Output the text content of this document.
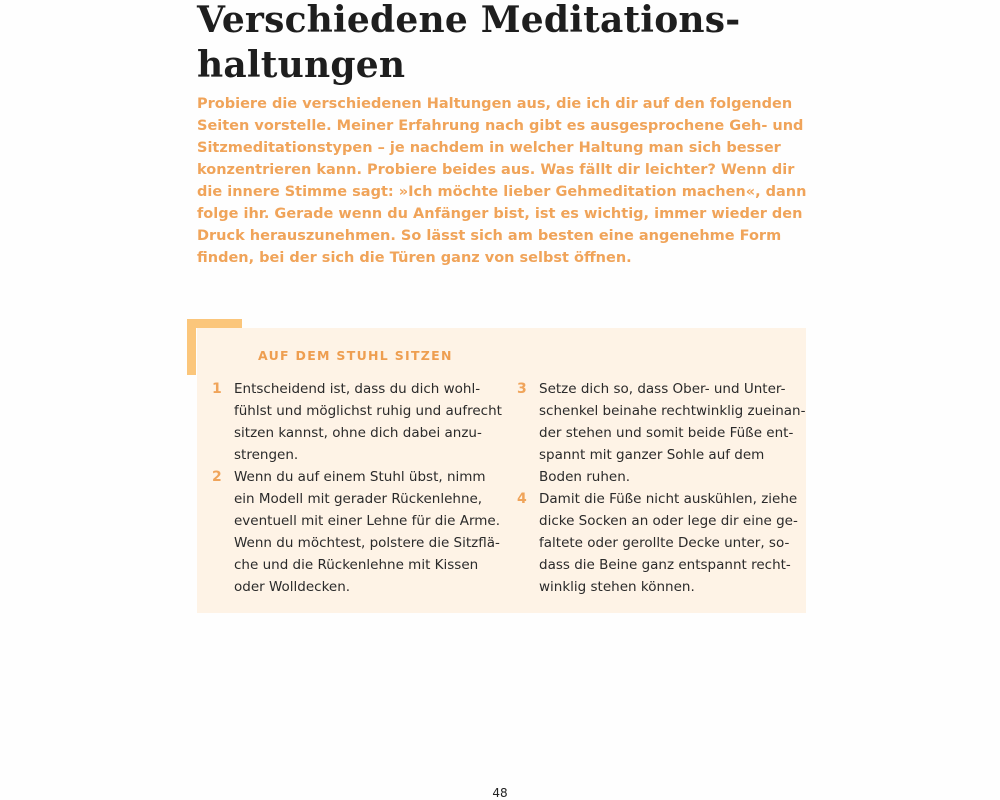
Verschiedene Meditations-
haltungen
Probiere die verschiedenen Haltungen aus, die ich dir auf den folgenden
Seiten vorstelle. Meiner Erfahrung nach gibt es ausgesprochene Geh- und
Sitzmeditationstypen – je nachdem in welcher Haltung man sich besser
konzentrieren kann. Probiere beides aus. Was fällt dir leichter? Wenn dir
die innere Stimme sagt: »Ich möchte lieber Gehmeditation machen«, dann
folge ihr. Gerade wenn du Anfänger bist, ist es wichtig, immer wieder den
Druck herauszunehmen. So lässt sich am besten eine angenehme Form
finden, bei der sich die Türen ganz von selbst öffnen.
AUF DEM STUHL SITZEN
1 Entscheidend ist, dass du dich wohl-
fühlst und möglichst ruhig und aufrecht
sitzen kannst, ohne dich dabei anzu-
strengen.
2 Wenn du auf einem Stuhl übst, nimm
ein Modell mit gerader Rückenlehne,
eventuell mit einer Lehne für die Arme.
Wenn du möchtest, polstere die Sitzflä-
che und die Rückenlehne mit Kissen
oder Wolldecken.
3 Setze dich so, dass Ober- und Unter-
schenkel beinahe rechtwinklig zueinan-
der stehen und somit beide Füße ent-
spannt mit ganzer Sohle auf dem
Boden ruhen.
4 Damit die Füße nicht auskühlen, ziehe
dicke Socken an oder lege dir eine ge-
faltete oder gerollte Decke unter, so-
dass die Beine ganz entspannt recht-
winklig stehen können.
48
